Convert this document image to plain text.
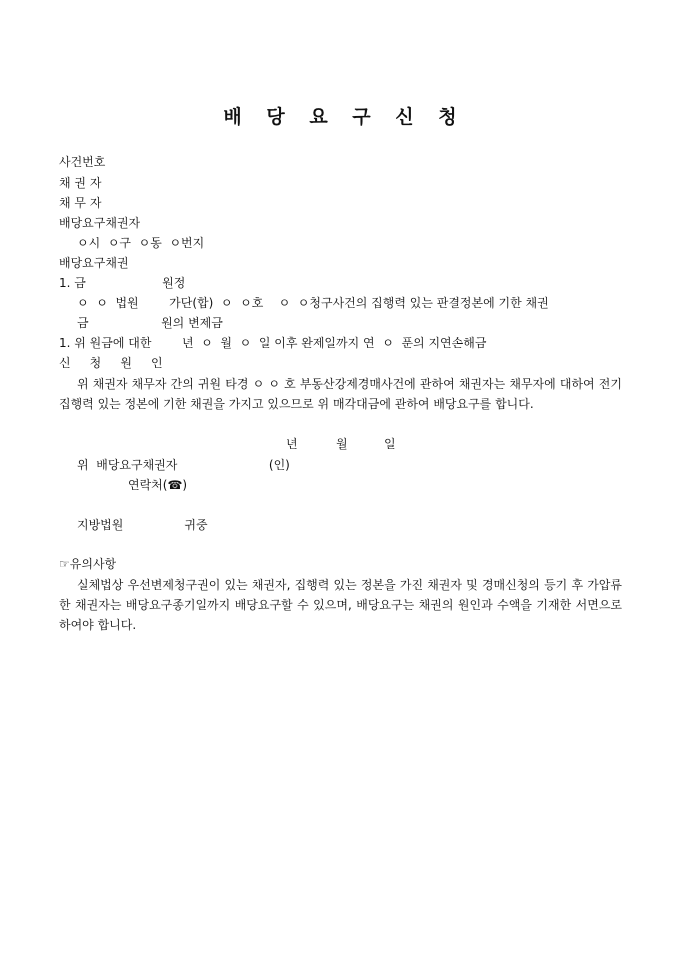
배 당 요 구 신 청
사건번호
채 권 자
채 무 자
배당요구채권자
ㅇ시  ㅇ구  ㅇ동  ㅇ번지
배당요구채권
1. 금                    원정
ㅇ  ㅇ  법원        가단(합)  ㅇ  ㅇ호    ㅇ  ㅇ청구사건의 집행력 있는 판결정본에 기한 채권
금                   원의 변제금
1. 위 원금에 대한        년  ㅇ  월  ㅇ  일 이후 완제일까지 연  ㅇ  푼의 지연손해금
신     청     원     인
위 채권자 채무자 간의 귀원 타경 ㅇ ㅇ 호 부동산강제경매사건에 관하여 채권자는 채무자에 대하여 전기 집행력 있는 정본에 기한 채권을 가지고 있으므로 위 매각대금에 관하여 배당요구를 합니다.
년	월	일
위  배당요구채권자                        (인)
연락처(☎)
지방법원                귀중
☞유의사항
실체법상 우선변제청구권이 있는 채권자, 집행력 있는 정본을 가진 채권자 및 경매신청의 등기 후 가압류한 채권자는 배당요구종기일까지 배당요구할 수 있으며, 배당요구는 채권의 원인과 수액을 기재한 서면으로 하여야 합니다.
